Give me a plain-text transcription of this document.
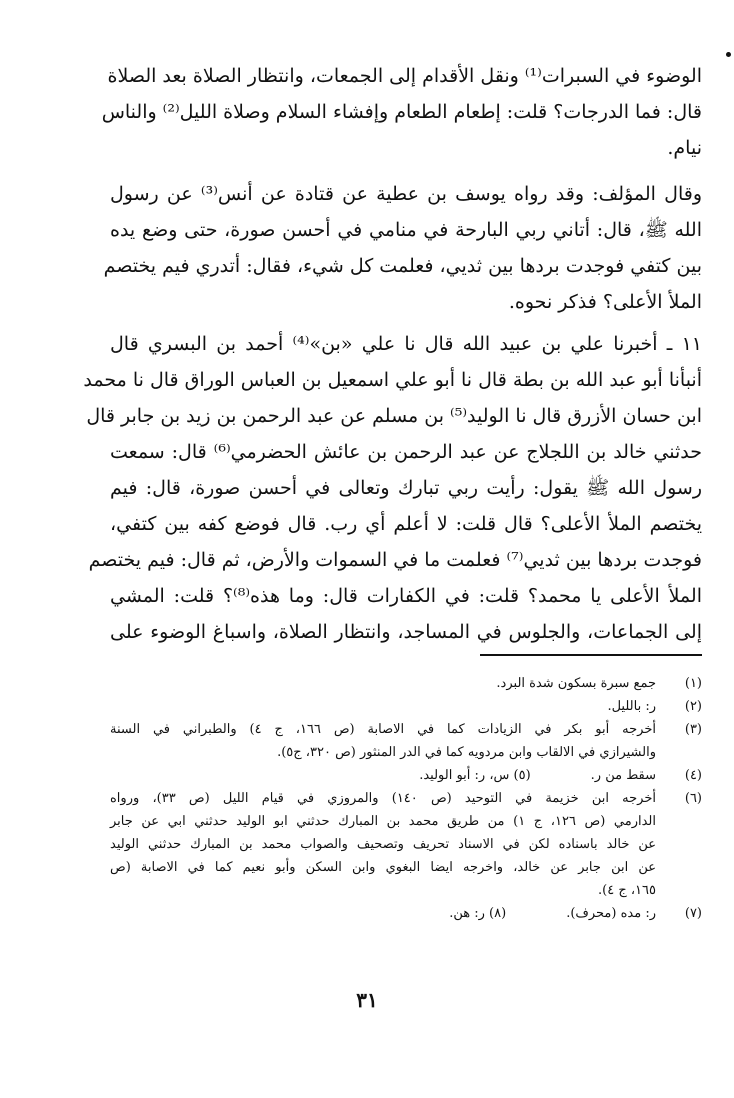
الوضوء في السبرات⁽¹⁾ ونقل الأقدام إلى الجمعات، وانتظار الصلاة بعد الصلاة
قال: فما الدرجات؟ قلت: إطعام الطعام وإفشاء السلام وصلاة الليل⁽²⁾ والناس
نيام.
وقال المؤلف: وقد رواه يوسف بن عطية عن قتادة عن أنس⁽³⁾ عن رسول
الله ﷺ، قال: أتاني ربي البارحة في منامي في أحسن صورة، حتى وضع يده
بين كتفي فوجدت بردها بين ثديي، فعلمت كل شيء، فقال: أتدري فيم يختصم
الملأ الأعلى؟ فذكر نحوه.
١١ ـ أخبرنا علي بن عبيد الله قال نا علي «بن»⁽⁴⁾ أحمد بن البسري قال
أنبأنا أبو عبد الله بن بطة قال نا أبو علي اسمعيل بن العباس الوراق قال نا محمد
ابن حسان الأزرق قال نا الوليد⁽⁵⁾ بن مسلم عن عبد الرحمن بن زيد بن جابر قال
حدثني خالد بن اللجلاج عن عبد الرحمن بن عائش الحضرمي⁽⁶⁾ قال: سمعت
رسول الله ﷺ يقول: رأيت ربي تبارك وتعالى في أحسن صورة، قال: فيم
يختصم الملأ الأعلى؟ قال قلت: لا أعلم أي رب. قال فوضع كفه بين كتفي،
فوجدت بردها بين ثديي⁽⁷⁾ فعلمت ما في السموات والأرض، ثم قال: فيم يختصم
الملأ الأعلى يا محمد؟ قلت: في الكفارات قال: وما هذه⁽⁸⁾؟ قلت: المشي
إلى الجماعات، والجلوس في المساجد، وانتظار الصلاة، واسباغ الوضوء على
(١)
جمع سبرة بسكون شدة البرد.
(٢)
ر: بالليل.
(٣)
أخرجه أبو بكر في الزيادات كما في الاصابة (ص ١٦٦، ج ٤) والطبراني في السنة
والشيرازي في الالقاب وابن مردويه كما في الدر المنثور (ص ٣٢٠، ج٥).
(٤)
سقط من ر.(٥) س، ر: أبو الوليد.
(٦)
أخرجه ابن خزيمة في التوحيد (ص ١٤٠) والمروزي في قيام الليل (ص ٣٣)، ورواه
الدارمي (ص ١٢٦، ج ١) من طريق محمد بن المبارك حدثني ابو الوليد حدثني ابي عن جابر
عن خالد باسناده لكن في الاسناد تحريف وتصحيف والصواب محمد بن المبارك حدثني الوليد
عن ابن جابر عن خالد، واخرجه ايضا البغوي وابن السكن وأبو نعيم كما في الاصابة (ص
١٦٥، ج ٤).
(٧)
ر: مده (محرف).(٨) ر: هن.
٣١
